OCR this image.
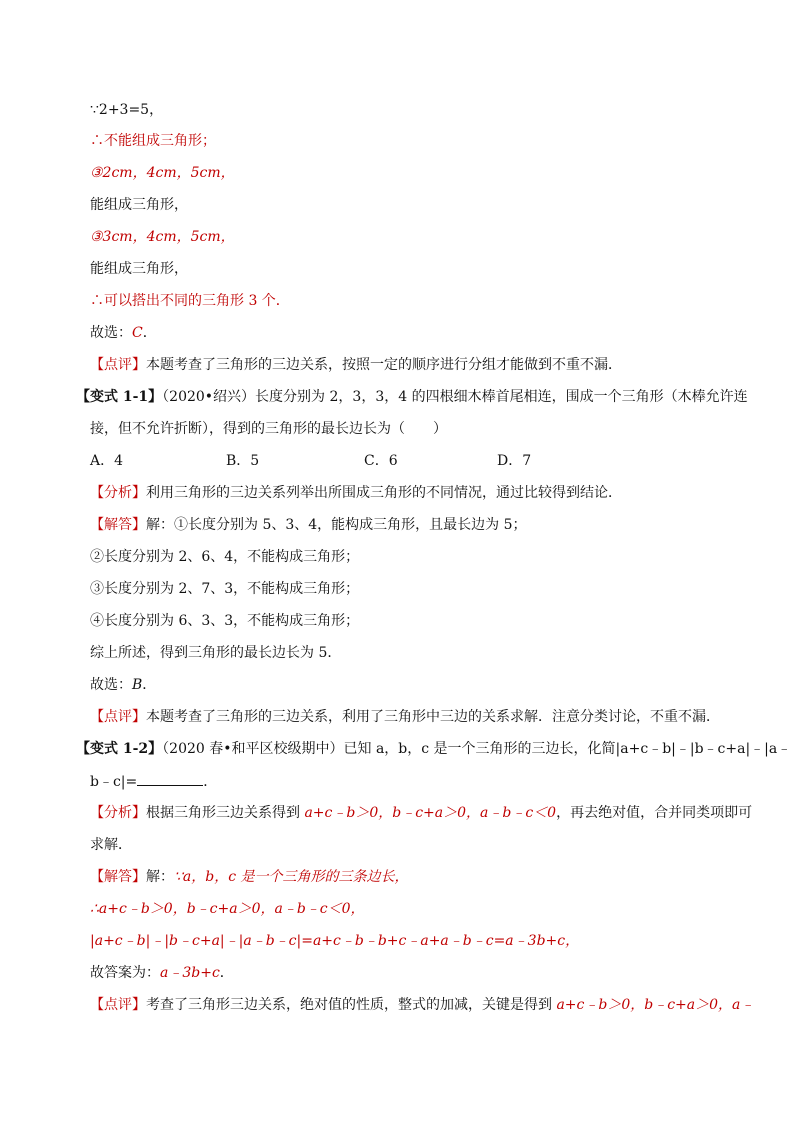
∵2+3=5，
∴不能组成三角形；
③2cm，4cm，5cm，
能组成三角形，
③3cm，4cm，5cm，
能组成三角形，
∴可以搭出不同的三角形 3 个．
故选：C．
【点评】本题考查了三角形的三边关系，按照一定的顺序进行分组才能做到不重不漏．
【变式 1-1】（2020•绍兴）长度分别为 2，3，3，4 的四根细木棒首尾相连，围成一个三角形（木棒允许连
接，但不允许折断），得到的三角形的最长边长为（　　）
A．4	B．5	C．6	D．7
【分析】利用三角形的三边关系列举出所围成三角形的不同情况，通过比较得到结论．
【解答】解：①长度分别为 5、3、4，能构成三角形，且最长边为 5；
②长度分别为 2、6、4，不能构成三角形；
③长度分别为 2、7、3，不能构成三角形；
④长度分别为 6、3、3，不能构成三角形；
综上所述，得到三角形的最长边长为 5．
故选：B．
【点评】本题考查了三角形的三边关系，利用了三角形中三边的关系求解．注意分类讨论，不重不漏．
【变式 1-2】（2020 春•和平区校级期中）已知 a，b，c 是一个三角形的三边长，化简|a+c﹣b|﹣|b﹣c+a|﹣|a﹣
b﹣c|=	．
【分析】根据三角形三边关系得到 a+c﹣b＞0，b﹣c+a＞0，a﹣b﹣c＜0，再去绝对值，合并同类项即可
求解．
【解答】解：∵a，b，c 是一个三角形的三条边长，
∴a+c﹣b＞0，b﹣c+a＞0，a﹣b﹣c＜0，
|a+c﹣b|﹣|b﹣c+a|﹣|a﹣b﹣c|=a+c﹣b﹣b+c﹣a+a﹣b﹣c=a﹣3b+c，
故答案为：a﹣3b+c．
【点评】考查了三角形三边关系，绝对值的性质，整式的加减，关键是得到 a+c﹣b＞0，b﹣c+a＞0，a﹣
